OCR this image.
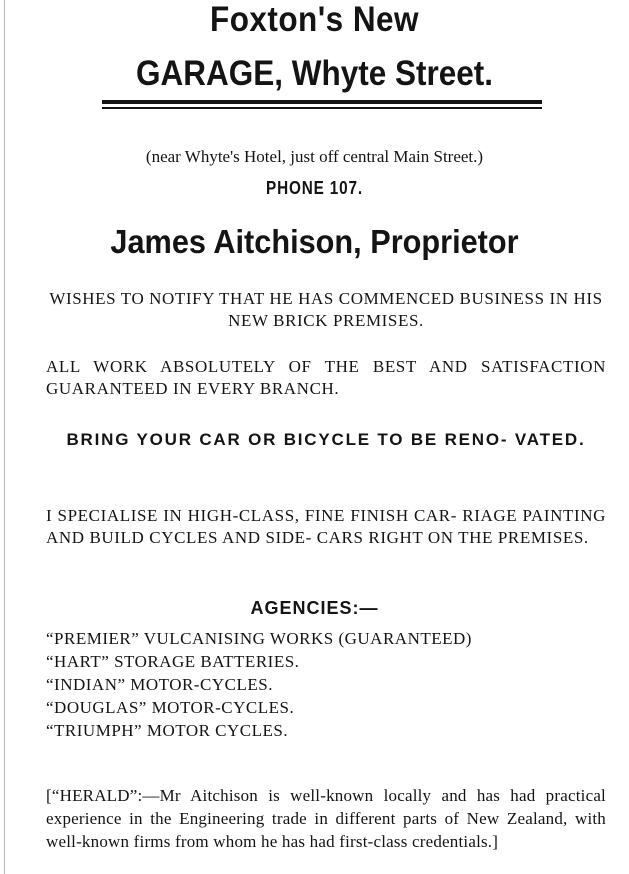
Foxton's New
GARAGE, Whyte Street.
(near Whyte's Hotel, just off central Main Street.)
PHONE 107.
James Aitchison, Proprietor
WISHES TO NOTIFY THAT HE HAS COMMENCED BUSINESS IN HIS NEW BRICK PREMISES.
ALL WORK ABSOLUTELY OF THE BEST AND SATISFACTION GUARANTEED IN EVERY BRANCH.
BRING YOUR CAR OR BICYCLE TO BE RENO- VATED.
I SPECIALISE IN HIGH-CLASS, FINE FINISH CAR- RIAGE PAINTING AND BUILD CYCLES AND SIDE- CARS RIGHT ON THE PREMISES.
AGENCIES:—
“PREMIER” VULCANISING WORKS (GUARANTEED)
“HART” STORAGE BATTERIES.
“INDIAN” MOTOR-CYCLES.
“DOUGLAS” MOTOR-CYCLES.
“TRIUMPH” MOTOR CYCLES.
[“HERALD”:—Mr Aitchison is well-known locally and has had practical experience in the Engineering trade in different parts of New Zealand, with well-known firms from whom he has had first-class credentials.]
